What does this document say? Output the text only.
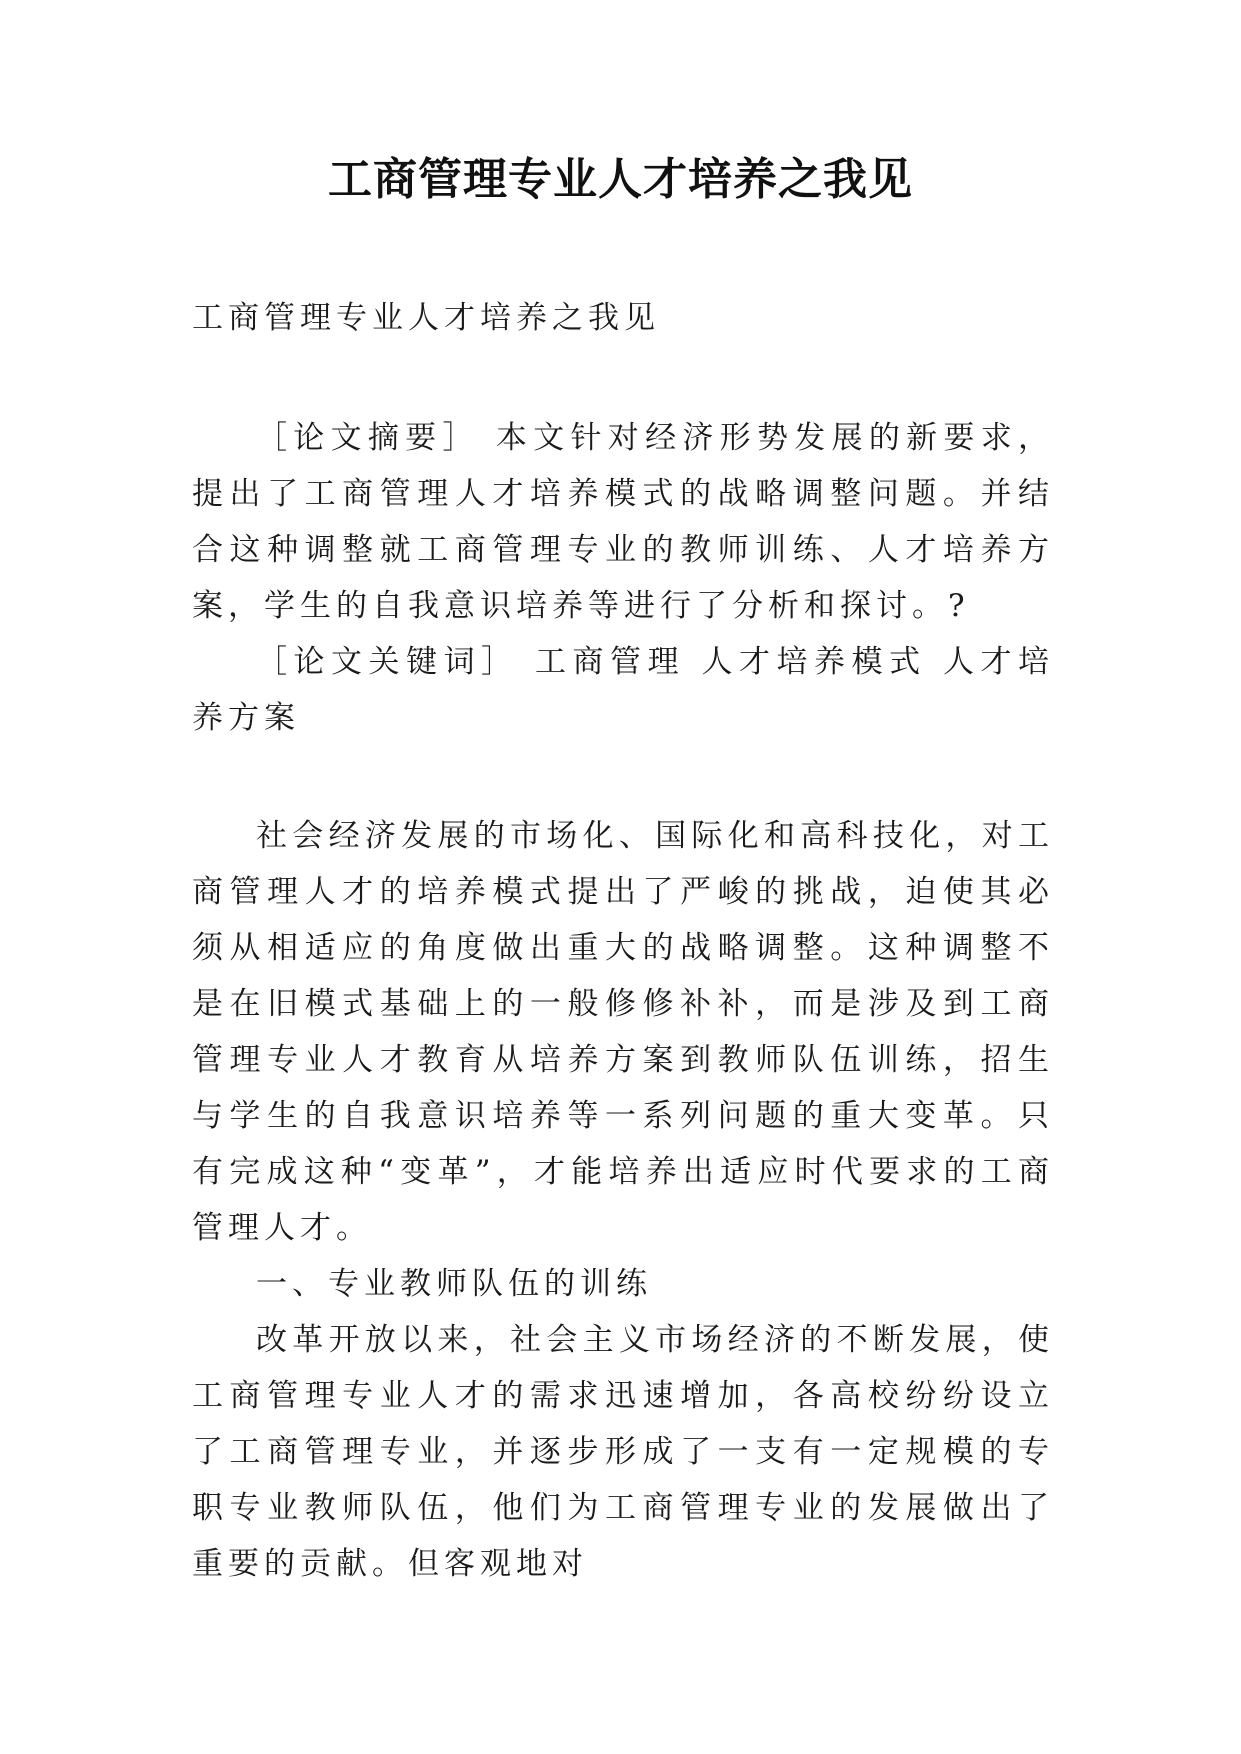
工商管理专业人才培养之我见

工商管理专业人才培养之我见

［论文摘要］ 本文针对经济形势发展的新要求，提出了工商管理人才培养模式的战略调整问题。并结合这种调整就工商管理专业的教师训练、人才培养方案，学生的自我意识培养等进行了分析和探讨。?

［论文关键词］ 工商管理 人才培养模式 人才培养方案

社会经济发展的市场化、国际化和高科技化，对工商管理人才的培养模式提出了严峻的挑战，迫使其必须从相适应的角度做出重大的战略调整。这种调整不是在旧模式基础上的一般修修补补，而是涉及到工商管理专业人才教育从培养方案到教师队伍训练，招生与学生的自我意识培养等一系列问题的重大变革。只有完成这种“变革”，才能培养出适应时代要求的工商管理人才。

一、专业教师队伍的训练

改革开放以来，社会主义市场经济的不断发展，使工商管理专业人才的需求迅速增加，各高校纷纷设立了工商管理专业，并逐步形成了一支有一定规模的专职专业教师队伍，他们为工商管理专业的发展做出了重要的贡献。但客观地对
